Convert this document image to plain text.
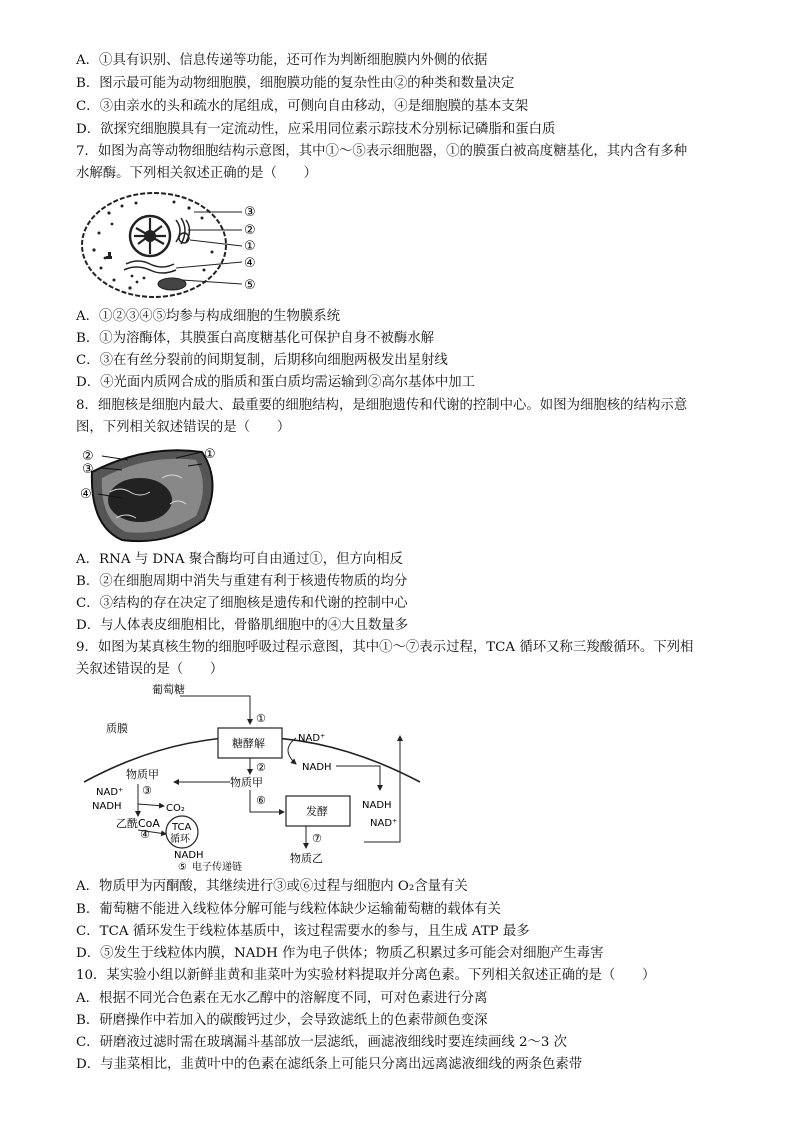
A．①具有识别、信息传递等功能，还可作为判断细胞膜内外侧的依据
B．图示最可能为动物细胞膜，细胞膜功能的复杂性由②的种类和数量决定
C．③由亲水的头和疏水的尾组成，可侧向自由移动，④是细胞膜的基本支架
D．欲探究细胞膜具有一定流动性，应采用同位素示踪技术分别标记磷脂和蛋白质
7．如图为高等动物细胞结构示意图，其中①～⑤表示细胞器，①的膜蛋白被高度糖基化，其内含有多种
水解酶。下列相关叙述正确的是（　　）
③
②
①
④
⑤
A．①②③④⑤均参与构成细胞的生物膜系统
B．①为溶酶体，其膜蛋白高度糖基化可保护自身不被酶水解
C．③在有丝分裂前的间期复制，后期移向细胞两极发出星射线
D．④光面内质网合成的脂质和蛋白质均需运输到②高尔基体中加工
8．细胞核是细胞内最大、最重要的细胞结构，是细胞遗传和代谢的控制中心。如图为细胞核的结构示意
图，下列相关叙述错误的是（　　）
②
③
①
④
A．RNA 与 DNA 聚合酶均可自由通过①，但方向相反
B．②在细胞周期中消失与重建有利于核遗传物质的均分
C．③结构的存在决定了细胞核是遗传和代谢的控制中心
D．与人体表皮细胞相比，骨骼肌细胞中的④大且数量多
9．如图为某真核生物的细胞呼吸过程示意图，其中①～⑦表示过程，TCA 循环又称三羧酸循环。下列相
关叙述错误的是（　　）
质膜
葡萄糖
①
糖酵解	NAD⁺
NADH
②
物质甲
⑥
发酵	NADH
NAD⁺
⑦
物质乙
物质甲
NAD⁺ ③
NADH	CO₂
乙酰CoA
④
TCA
循环
NADH
⑤ 电子传递链
A．物质甲为丙酮酸，其继续进行③或⑥过程与细胞内 O₂含量有关
B．葡萄糖不能进入线粒体分解可能与线粒体缺少运输葡萄糖的载体有关
C．TCA 循环发生于线粒体基质中，该过程需要水的参与，且生成 ATP 最多
D．⑤发生于线粒体内膜，NADH 作为电子供体；物质乙积累过多可能会对细胞产生毒害
10．某实验小组以新鲜韭黄和韭菜叶为实验材料提取并分离色素。下列相关叙述正确的是（　　）
A．根据不同光合色素在无水乙醇中的溶解度不同，可对色素进行分离
B．研磨操作中若加入的碳酸钙过少，会导致滤纸上的色素带颜色变深
C．研磨液过滤时需在玻璃漏斗基部放一层滤纸，画滤液细线时要连续画线 2～3 次
D．与韭菜相比，韭黄叶中的色素在滤纸条上可能只分离出远离滤液细线的两条色素带
